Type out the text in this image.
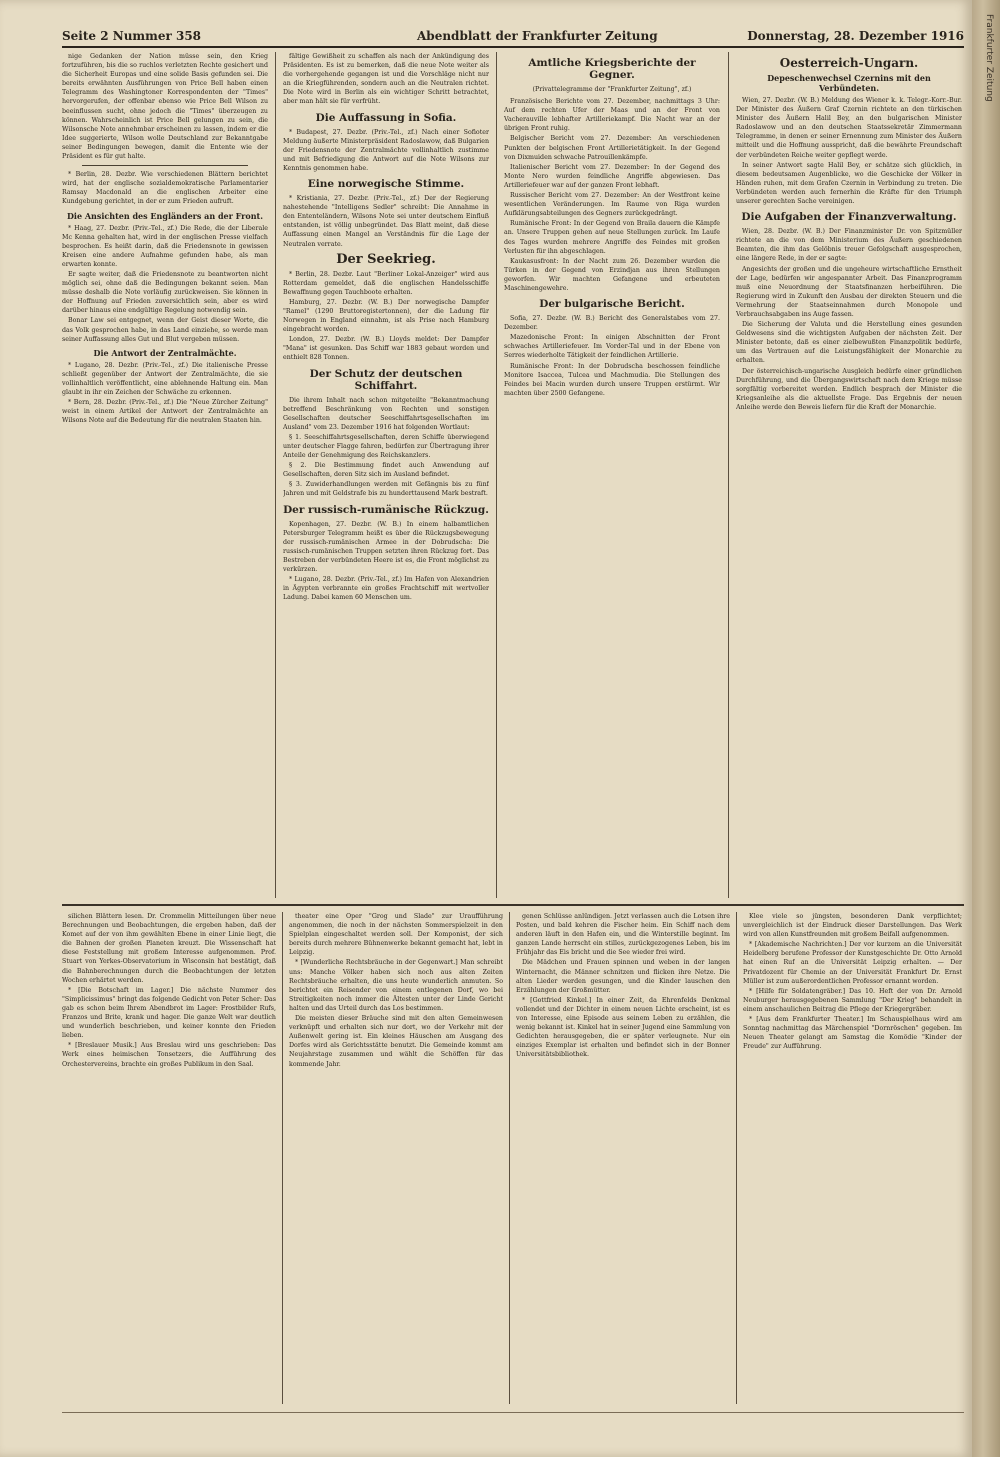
Seite 2 Nummer 358	Abendblatt der Frankfurter Zeitung	Donnerstag, 28. Dezember 1916

nige Gedanken der Nation müsse sein, den Krieg fortzuführen, bis die so ruchlos verletzten Rechte gesichert und die Sicherheit Europas und eine solide Basis gefunden sei. Die bereits erwähnten Ausführungen von Price Bell haben einen Telegramm des Washingtoner Korrespondenten der "Times" hervorgerufen, der offenbar ebenso wie Price Bell Wilson zu beeinflussen sucht, ohne jedoch die "Times" überzeugen zu können. Wahrscheinlich ist Price Bell gelungen zu sein, die Wilsonsche Note annehmbar erscheinen zu lassen, indem er die Idee suggerierte, Wilson wolle Deutschland zur Bekanntgabe seiner Bedingungen bewegen, damit die Entente wie der Präsident es für gut halte.

* Berlin, 28. Dezbr. Wie verschiedenen Blättern berichtet wird, hat der englische sozialdemokratische Parlamentarier Ramsay Macdonald an die englischen Arbeiter eine Kundgebung gerichtet, in der er zum Frieden aufruft.

Die Ansichten des Engländers an der Front.

* Haag, 27. Dezbr. (Priv.-Tel., zf.) Die Rede, die der Liberale Mc Kenna gehalten hat, wird in der englischen Presse vielfach besprochen. Es heißt darin, daß die Friedensnote in gewissen Kreisen eine andere Aufnahme gefunden habe, als man erwarten konnte.

Er sagte weiter, daß die Friedensnote zu beantworten nicht möglich sei, ohne daß die Bedingungen bekannt seien. Man müsse deshalb die Note vorläufig zurückweisen. Sie können in der Hoffnung auf Frieden zuversichtlich sein, aber es wird darüber hinaus eine endgültige Regelung notwendig sein.

Bonar Law sei entgegnet, wenn der Geist dieser Worte, die das Volk gesprochen habe, in das Land einziehe, so werde man seiner Auffassung alles Gut und Blut vergeben müssen.

Die Antwort der Zentralmächte.

* Lugano, 28. Dezbr. (Priv.-Tel., zf.) Die italienische Presse schließt gegenüber der Antwort der Zentralmächte, die sie vollinhaltlich veröffentlicht, eine ablehnende Haltung ein. Man glaubt in ihr ein Zeichen der Schwäche zu erkennen.

* Bern, 28. Dezbr. (Priv.-Tel., zf.) Die "Neue Zürcher Zeitung" weist in einem Artikel der Antwort der Zentralmächte an Wilsons Note auf die Bedeutung für die neutralen Staaten hin.

fältige Gewißheit zu schaffen als nach der Ankündigung des Präsidenten. Es ist zu bemerken, daß die neue Note weiter als die vorhergehende gegangen ist und die Vorschläge nicht nur an die Kriegführenden, sondern auch an die Neutralen richtet. Die Note wird in Berlin als ein wichtiger Schritt betrachtet, aber man hält sie für verfrüht.

Die Auffassung in Sofia.

* Budapest, 27. Dezbr. (Priv.-Tel., zf.) Nach einer Sofioter Meldung äußerte Ministerpräsident Radoslawow, daß Bulgarien der Friedensnote der Zentralmächte vollinhaltlich zustimme und mit Befriedigung die Antwort auf die Note Wilsons zur Kenntnis genommen habe.

Eine norwegische Stimme.

* Kristiania, 27. Dezbr. (Priv.-Tel., zf.) Der der Regierung nahestehende "Intelligens Sedler" schreibt: Die Annahme in den Ententeländern, Wilsons Note sei unter deutschem Einfluß entstanden, ist völlig unbegründet. Das Blatt meint, daß diese Auffassung einen Mangel an Verständnis für die Lage der Neutralen verrate.

Der Seekrieg.

* Berlin, 28. Dezbr. Laut "Berliner Lokal-Anzeiger" wird aus Rotterdam gemeldet, daß die englischen Handelsschiffe Bewaffnung gegen Tauchboote erhalten.

Hamburg, 27. Dezbr. (W. B.) Der norwegische Dampfer "Ramel" (1290 Bruttoregistertonnen), der die Ladung für Norwegen in England einnahm, ist als Prise nach Hamburg eingebracht worden.

London, 27. Dezbr. (W. B.) Lloyds meldet: Der Dampfer "Mana" ist gesunken. Das Schiff war 1883 gebaut worden und enthielt 828 Tonnen.

Der Schutz der deutschen Schiffahrt.

Die ihrem Inhalt nach schon mitgeteilte "Bekanntmachung betreffend Beschränkung von Rechten und sonstigen Gesellschaften deutscher Seeschiffahrtsgesellschaften im Ausland" vom 23. Dezember 1916 hat folgenden Wortlaut:

§ 1. Seeschiffahrtsgesellschaften, deren Schiffe überwiegend unter deutscher Flagge fahren, bedürfen zur Übertragung ihrer Anteile der Genehmigung des Reichskanzlers.

§ 2. Die Bestimmung findet auch Anwendung auf Gesellschaften, deren Sitz sich im Ausland befindet.

§ 3. Zuwiderhandlungen werden mit Gefängnis bis zu fünf Jahren und mit Geldstrafe bis zu hunderttausend Mark bestraft.

Der russisch-rumänische Rückzug.

Kopenhagen, 27. Dezbr. (W. B.) In einem halbamtlichen Petersburger Telegramm heißt es über die Rückzugsbewegung der russisch-rumänischen Armee in der Dobrudscha: Die russisch-rumänischen Truppen setzten ihren Rückzug fort. Das Bestreben der verbündeten Heere ist es, die Front möglichst zu verkürzen.

* Lugano, 28. Dezbr. (Priv.-Tel., zf.) Im Hafen von Alexandrien in Ägypten verbrannte ein großes Frachtschiff mit wertvoller Ladung. Dabei kamen 60 Menschen um.

Amtliche Kriegsberichte der Gegner.
(Privattelegramme der "Frankfurter Zeitung", zf.)

Französische Berichte vom 27. Dezember, nachmittags 3 Uhr: Auf dem rechten Ufer der Maas und an der Front von Vacherauville lebhafter Artilleriekampf. Die Nacht war an der übrigen Front ruhig.

Belgischer Bericht vom 27. Dezember: An verschiedenen Punkten der belgischen Front Artillerietätigkeit. In der Gegend von Dixmuiden schwache Patrouillenkämpfe.

Italienischer Bericht vom 27. Dezember: In der Gegend des Monte Nero wurden feindliche Angriffe abgewiesen. Das Artilleriefeuer war auf der ganzen Front lebhaft.

Russischer Bericht vom 27. Dezember: An der Westfront keine wesentlichen Veränderungen. Im Raume von Riga wurden Aufklärungsabteilungen des Gegners zurückgedrängt.

Rumänische Front: In der Gegend von Braila dauern die Kämpfe an. Unsere Truppen gehen auf neue Stellungen zurück. Im Laufe des Tages wurden mehrere Angriffe des Feindes mit großen Verlusten für ihn abgeschlagen.

Kaukasusfront: In der Nacht zum 26. Dezember wurden die Türken in der Gegend von Erzindjan aus ihren Stellungen geworfen. Wir machten Gefangene und erbeuteten Maschinengewehre.

Der bulgarische Bericht.

Sofia, 27. Dezbr. (W. B.) Bericht des Generalstabes vom 27. Dezember.

Mazedonische Front: In einigen Abschnitten der Front schwaches Artilleriefeuer. Im Vorder-Tal und in der Ebene von Serres wiederholte Tätigkeit der feindlichen Artillerie.

Rumänische Front: In der Dobrudscha beschossen feindliche Monitore Isaccea, Tulcea und Machmudia. Die Stellungen des Feindes bei Macin wurden durch unsere Truppen erstürmt. Wir machten über 2500 Gefangene.

Oesterreich-Ungarn.
Depeschenwechsel Czernins mit den Verbündeten.

Wien, 27. Dezbr. (W. B.) Meldung des Wiener k. k. Telegr.-Korr.-Bur. Der Minister des Äußern Graf Czernin richtete an den türkischen Minister des Äußern Halil Bey, an den bulgarischen Minister Radoslawow und an den deutschen Staatssekretär Zimmermann Telegramme, in denen er seiner Ernennung zum Minister des Äußern mitteilt und die Hoffnung ausspricht, daß die bewährte Freundschaft der verbündeten Reiche weiter gepflegt werde.

In seiner Antwort sagte Halil Bey, er schätze sich glücklich, in diesem bedeutsamen Augenblicke, wo die Geschicke der Völker in Händen ruhen, mit dem Grafen Czernin in Verbindung zu treten. Die Verbündeten werden auch fernerhin die Kräfte für den Triumph unserer gerechten Sache vereinigen.

Die Aufgaben der Finanzverwaltung.

Wien, 28. Dezbr. (W. B.) Der Finanzminister Dr. von Spitzmüller richtete an die von dem Ministerium des Äußern geschiedenen Beamten, die ihm das Gelöbnis treuer Gefolgschaft ausgesprochen, eine längere Rede, in der er sagte:

Angesichts der großen und die ungeheure wirtschaftliche Ernstheit der Lage, bedürfen wir angespannter Arbeit. Das Finanzprogramm muß eine Neuordnung der Staatsfinanzen herbeiführen. Die Regierung wird in Zukunft den Ausbau der direkten Steuern und die Vermehrung der Staatseinnahmen durch Monopole und Verbrauchsabgaben ins Auge fassen.

Die Sicherung der Valuta und die Herstellung eines gesunden Geldwesens sind die wichtigsten Aufgaben der nächsten Zeit. Der Minister betonte, daß es einer zielbewußten Finanzpolitik bedürfe, um das Vertrauen auf die Leistungsfähigkeit der Monarchie zu erhalten.

Der österreichisch-ungarische Ausgleich bedürfe einer gründlichen Durchführung, und die Übergangswirtschaft nach dem Kriege müsse sorgfältig vorbereitet werden. Endlich besprach der Minister die Kriegsanleihe als die aktuellste Frage. Das Ergebnis der neuen Anleihe werde den Beweis liefern für die Kraft der Monarchie.

silichen Blättern lesen. Dr. Crommelin Mitteilungen über neue Berechnungen und Beobachtungen, die ergeben haben, daß der Komet auf der von ihm gewählten Ebene in einer Linie liegt, die die Bahnen der großen Planeten kreuzt. Die Wissenschaft hat diese Feststellung mit großem Interesse aufgenommen. Prof. Stuart von Yerkes-Observatorium in Wisconsin hat bestätigt, daß die Bahnberechnungen durch die Beobachtungen der letzten Wochen erhärtet werden.

* [Die Botschaft im Lager.] Die nächste Nummer des "Simplicissimus" bringt das folgende Gedicht von Peter Scher: Das gab es schon beim Ihrem Abendbrot im Lager: Frostbilder Rufs, Franzos und Brite, krank und hager. Die ganze Welt war deutlich und wunderlich beschrieben, und keiner konnte den Frieden lieben.

* [Breslauer Musik.] Aus Breslau wird uns geschrieben: Das Werk eines heimischen Tonsetzers, die Aufführung des Orchestervereins, brachte ein großes Publikum in den Saal.

theater eine Oper "Grog und Slade" zur Uraufführung angenommen, die noch in der nächsten Sommerspielzeit in den Spielplan eingeschaltet werden soll. Der Komponist, der sich bereits durch mehrere Bühnenwerke bekannt gemacht hat, lebt in Leipzig.

* [Wunderliche Rechtsbräuche in der Gegenwart.] Man schreibt uns: Manche Völker haben sich noch aus alten Zeiten Rechtsbräuche erhalten, die uns heute wunderlich anmuten. So berichtet ein Reisender von einem entlegenen Dorf, wo bei Streitigkeiten noch immer die Ältesten unter der Linde Gericht halten und das Urteil durch das Los bestimmen.

Die meisten dieser Bräuche sind mit den alten Gemeinwesen verknüpft und erhalten sich nur dort, wo der Verkehr mit der Außenwelt gering ist. Ein kleines Häuschen am Ausgang des Dorfes wird als Gerichtsstätte benutzt. Die Gemeinde kommt am Neujahrstage zusammen und wählt die Schöffen für das kommende Jahr.

genen Schlüsse anlündigen. Jetzt verlassen auch die Lotsen ihre Posten, und bald kehren die Fischer heim. Ein Schiff nach dem anderen läuft in den Hafen ein, und die Winterstille beginnt. Im ganzen Lande herrscht ein stilles, zurückgezogenes Leben, bis im Frühjahr das Eis bricht und die See wieder frei wird.

Die Mädchen und Frauen spinnen und weben in der langen Winternacht, die Männer schnitzen und flicken ihre Netze. Die alten Lieder werden gesungen, und die Kinder lauschen den Erzählungen der Großmütter.

* [Gottfried Kinkel.] In einer Zeit, da Ehrenfelds Denkmal vollendet und der Dichter in einem neuen Lichte erscheint, ist es von Interesse, eine Episode aus seinem Leben zu erzählen, die wenig bekannt ist. Kinkel hat in seiner Jugend eine Sammlung von Gedichten herausgegeben, die er später verleugnete. Nur ein einziges Exemplar ist erhalten und befindet sich in der Bonner Universitätsbibliothek.

Klee viele so jüngsten, besonderen Dank verpflichtet; unvergleichlich ist der Eindruck dieser Darstellungen. Das Werk wird von allen Kunstfreunden mit großem Beifall aufgenommen.

* [Akademische Nachrichten.] Der vor kurzem an die Universität Heidelberg berufene Professor der Kunstgeschichte Dr. Otto Arnold hat einen Ruf an die Universität Leipzig erhalten. — Der Privatdozent für Chemie an der Universität Frankfurt Dr. Ernst Müller ist zum außerordentlichen Professor ernannt worden.

* [Hilfe für Soldatengräber.] Das 10. Heft der von Dr. Arnold Neuburger herausgegebenen Sammlung "Der Krieg" behandelt in einem anschaulichen Beitrag die Pflege der Kriegergräber.

* [Aus dem Frankfurter Theater.] Im Schauspielhaus wird am Sonntag nachmittag das Märchenspiel "Dornröschen" gegeben. Im Neuen Theater gelangt am Samstag die Komödie "Kinder der Freude" zur Aufführung.

Frankfurter Zeitung
